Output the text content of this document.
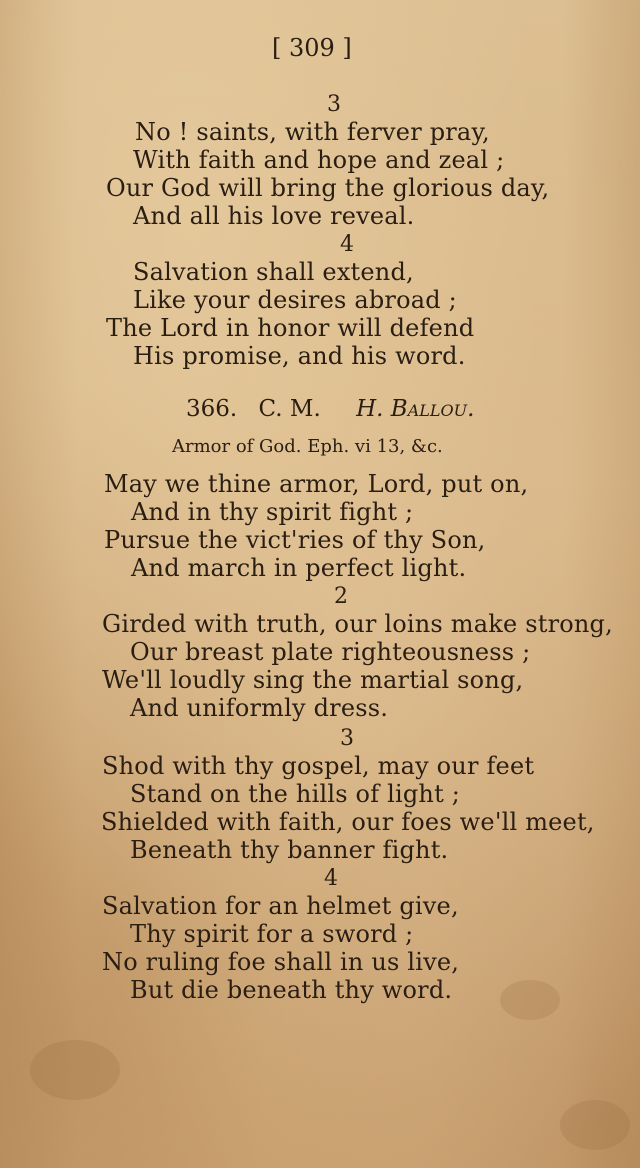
[ 309 ]
3
No ! saints, with ferver pray,
With faith and hope and zeal ;
Our God will bring the glorious day,
And all his love reveal.
4
Salvation shall extend,
Like your desires abroad ;
The Lord in honor will defend
His promise, and his word.
366. C. M. H. Ballou.
Armor of God. Eph. vi 13, &c.
May we thine armor, Lord, put on,
And in thy spirit fight ;
Pursue the vict'ries of thy Son,
And march in perfect light.
2
Girded with truth, our loins make strong,
Our breast plate righteousness ;
We'll loudly sing the martial song,
And uniformly dress.
3
Shod with thy gospel, may our feet
Stand on the hills of light ;
Shielded with faith, our foes we'll meet,
Beneath thy banner fight.
4
Salvation for an helmet give,
Thy spirit for a sword ;
No ruling foe shall in us live,
But die beneath thy word.
